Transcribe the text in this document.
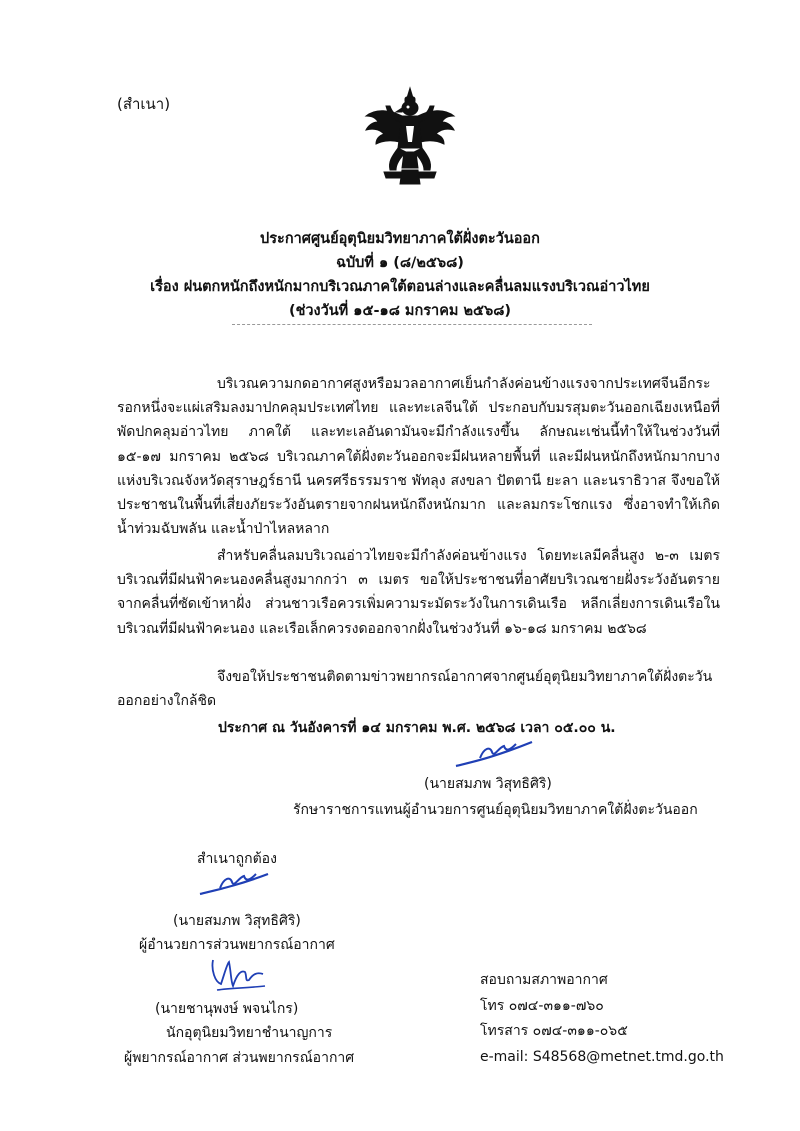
(สำเนา)
ประกาศศูนย์อุตุนิยมวิทยาภาคใต้ฝั่งตะวันออก
ฉบับที่ ๑ (๘/๒๕๖๘)
เรื่อง ฝนตกหนักถึงหนักมากบริเวณภาคใต้ตอนล่างและคลื่นลมแรงบริเวณอ่าวไทย
(ช่วงวันที่ ๑๕-๑๘ มกราคม ๒๕๖๘)

บริเวณความกดอากาศสูงหรือมวลอากาศเย็นกำลังค่อนข้างแรงจากประเทศจีนอีกระรอกหนึ่งจะแผ่เสริมลงมาปกคลุมประเทศไทย และทะเลจีนใต้ ประกอบกับมรสุมตะวันออกเฉียงเหนือที่พัดปกคลุมอ่าวไทย ภาคใต้ และทะเลอันดามันจะมีกำลังแรงขึ้น ลักษณะเช่นนี้ทำให้ในช่วงวันที่ ๑๕-๑๗ มกราคม ๒๕๖๘ บริเวณภาคใต้ฝั่งตะวันออกจะมีฝนหลายพื้นที่ และมีฝนหนักถึงหนักมากบางแห่งบริเวณจังหวัดสุราษฎร์ธานี นครศรีธรรมราช พัทลุง สงขลา ปัตตานี ยะลา และนราธิวาส จึงขอให้ประชาชนในพื้นที่เสี่ยงภัยระวังอันตรายจากฝนหนักถึงหนักมาก และลมกระโชกแรง ซึ่งอาจทำให้เกิดน้ำท่วมฉับพลัน และน้ำป่าไหลหลาก

สำหรับคลื่นลมบริเวณอ่าวไทยจะมีกำลังค่อนข้างแรง โดยทะเลมีคลื่นสูง ๒-๓ เมตร บริเวณที่มีฝนฟ้าคะนองคลื่นสูงมากกว่า ๓ เมตร ขอให้ประชาชนที่อาศัยบริเวณชายฝั่งระวังอันตรายจากคลื่นที่ซัดเข้าหาฝั่ง ส่วนชาวเรือควรเพิ่มความระมัดระวังในการเดินเรือ หลีกเลี่ยงการเดินเรือในบริเวณที่มีฝนฟ้าคะนอง และเรือเล็กควรงดออกจากฝั่งในช่วงวันที่ ๑๖-๑๘ มกราคม ๒๕๖๘

จึงขอให้ประชาชนติดตามข่าวพยากรณ์อากาศจากศูนย์อุตุนิยมวิทยาภาคใต้ฝั่งตะวันออกอย่างใกล้ชิด

ประกาศ ณ วันอังคารที่ ๑๔ มกราคม พ.ศ. ๒๕๖๘ เวลา ๐๕.๐๐ น.
(นายสมภพ วิสุทธิศิริ)
รักษาราชการแทนผู้อำนวยการศูนย์อุตุนิยมวิทยาภาคใต้ฝั่งตะวันออก
สำเนาถูกต้อง
(นายสมภพ วิสุทธิศิริ)
ผู้อำนวยการส่วนพยากรณ์อากาศ
(นายชานุพงษ์ พจนไกร)
นักอุตุนิยมวิทยาชำนาญการ
ผู้พยากรณ์อากาศ ส่วนพยากรณ์อากาศ
สอบถามสภาพอากาศ
โทร ๐๗๔-๓๑๑-๗๖๐
โทรสาร ๐๗๔-๓๑๑-๐๖๕
e-mail: S48568@metnet.tmd.go.th
